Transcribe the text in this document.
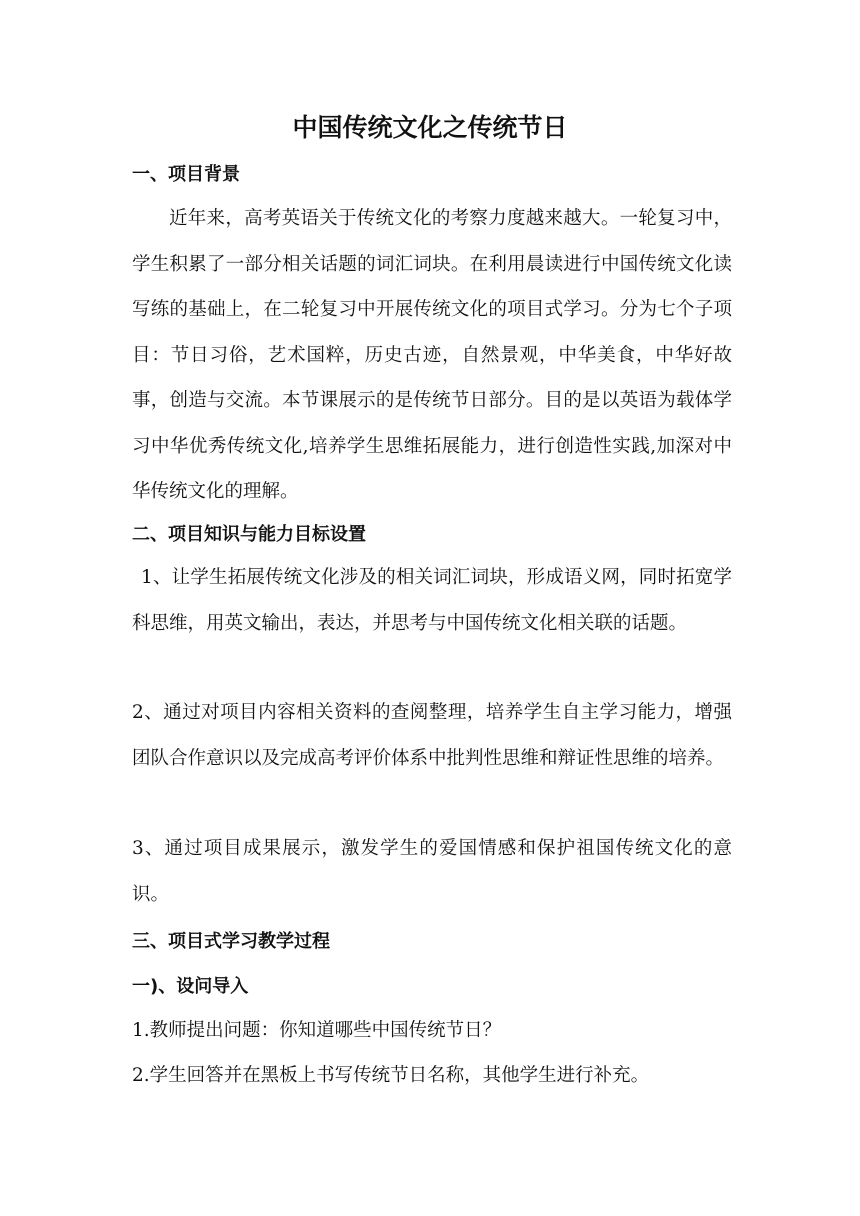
中国传统文化之传统节日
一、项目背景
近年来，高考英语关于传统文化的考察力度越来越大。一轮复习中，学生积累了一部分相关话题的词汇词块。在利用晨读进行中国传统文化读写练的基础上，在二轮复习中开展传统文化的项目式学习。分为七个子项目：节日习俗，艺术国粹，历史古迹，自然景观，中华美食，中华好故事，创造与交流。本节课展示的是传统节日部分。目的是以英语为载体学习中华优秀传统文化,培养学生思维拓展能力，进行创造性实践,加深对中华传统文化的理解。
二、项目知识与能力目标设置
1、让学生拓展传统文化涉及的相关词汇词块，形成语义网，同时拓宽学科思维，用英文输出，表达，并思考与中国传统文化相关联的话题。
2、通过对项目内容相关资料的查阅整理，培养学生自主学习能力，增强团队合作意识以及完成高考评价体系中批判性思维和辩证性思维的培养。
3、通过项目成果展示，激发学生的爱国情感和保护祖国传统文化的意识。
三、项目式学习教学过程
一)、设问导入
1.教师提出问题：你知道哪些中国传统节日？
2.学生回答并在黑板上书写传统节日名称，其他学生进行补充。
